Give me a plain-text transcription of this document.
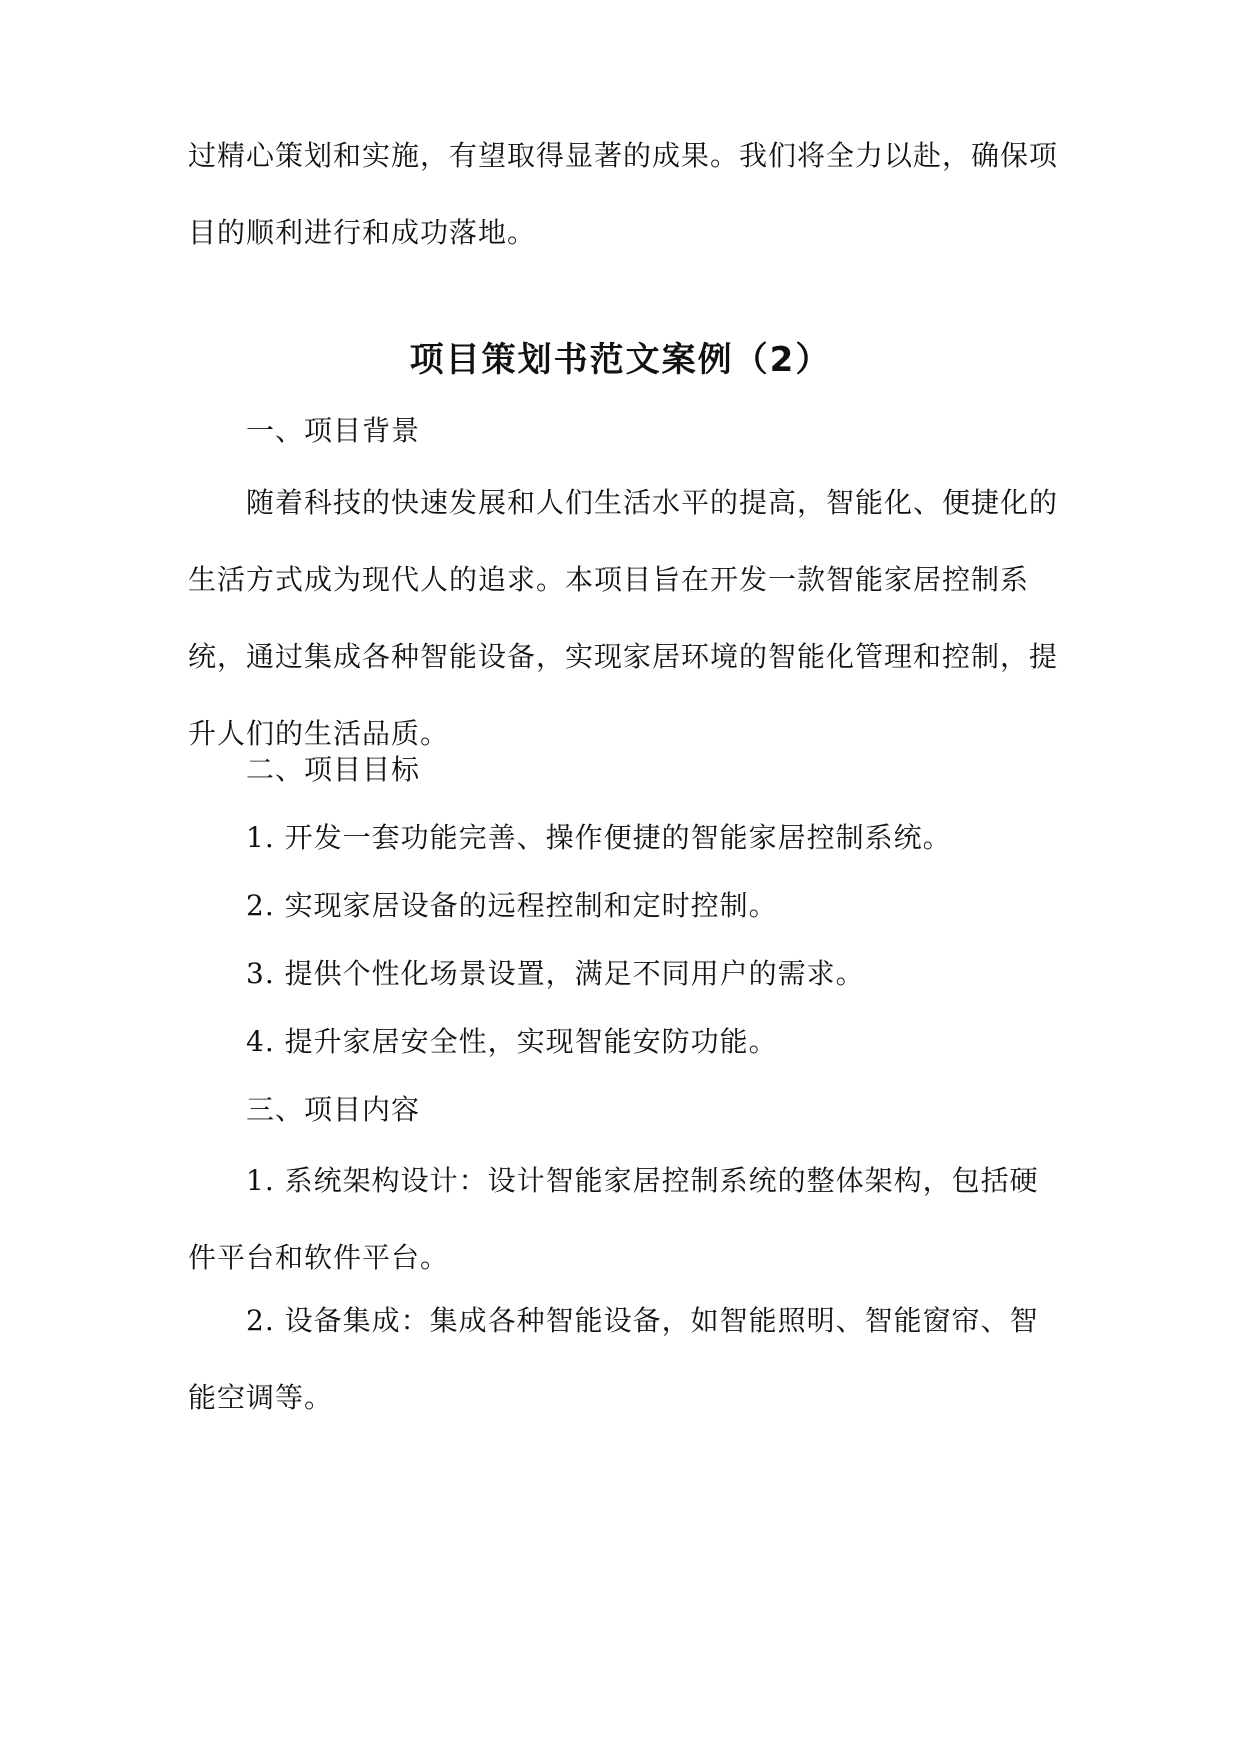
过精心策划和实施，有望取得显著的成果。我们将全力以赴，确保项目的顺利进行和成功落地。

项目策划书范文案例（2）

一、项目背景

随着科技的快速发展和人们生活水平的提高，智能化、便捷化的生活方式成为现代人的追求。本项目旨在开发一款智能家居控制系统，通过集成各种智能设备，实现家居环境的智能化管理和控制，提升人们的生活品质。

二、项目目标

1. 开发一套功能完善、操作便捷的智能家居控制系统。

2. 实现家居设备的远程控制和定时控制。

3. 提供个性化场景设置，满足不同用户的需求。

4. 提升家居安全性，实现智能安防功能。

三、项目内容

1. 系统架构设计：设计智能家居控制系统的整体架构，包括硬件平台和软件平台。

2. 设备集成：集成各种智能设备，如智能照明、智能窗帘、智能空调等。
